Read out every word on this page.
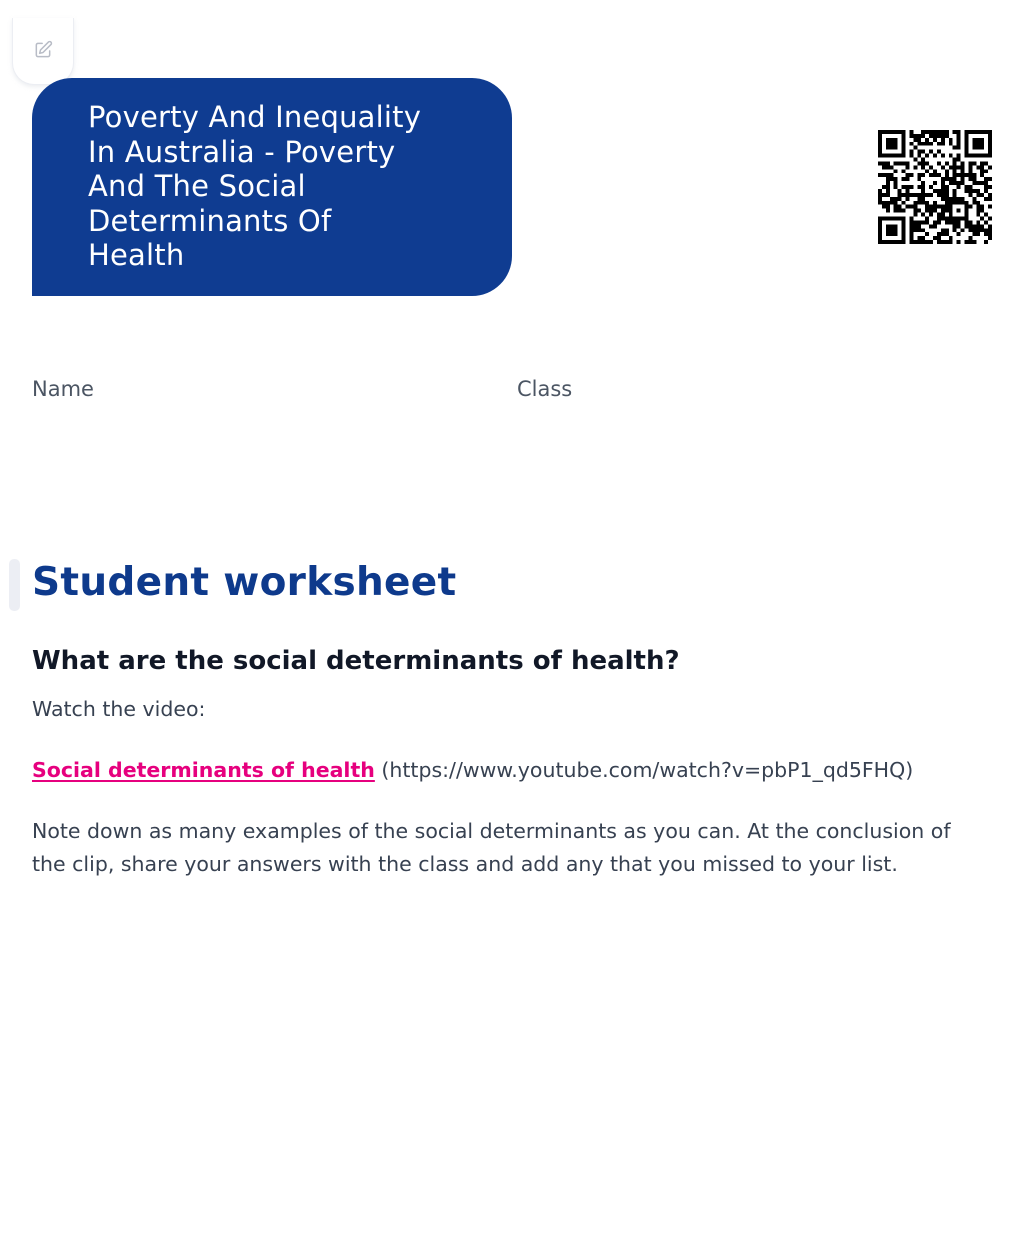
Poverty And Inequality
In Australia - Poverty
And The Social
Determinants Of
Health
Name	Class
Student worksheet
What are the social determinants of health?

Watch the video:

Social determinants of health (https://www.youtube.com/watch?v=pbP1_qd5FHQ)

Note down as many examples of the social determinants as you can. At the conclusion of the clip, share your answers with the class and add any that you missed to your list.
